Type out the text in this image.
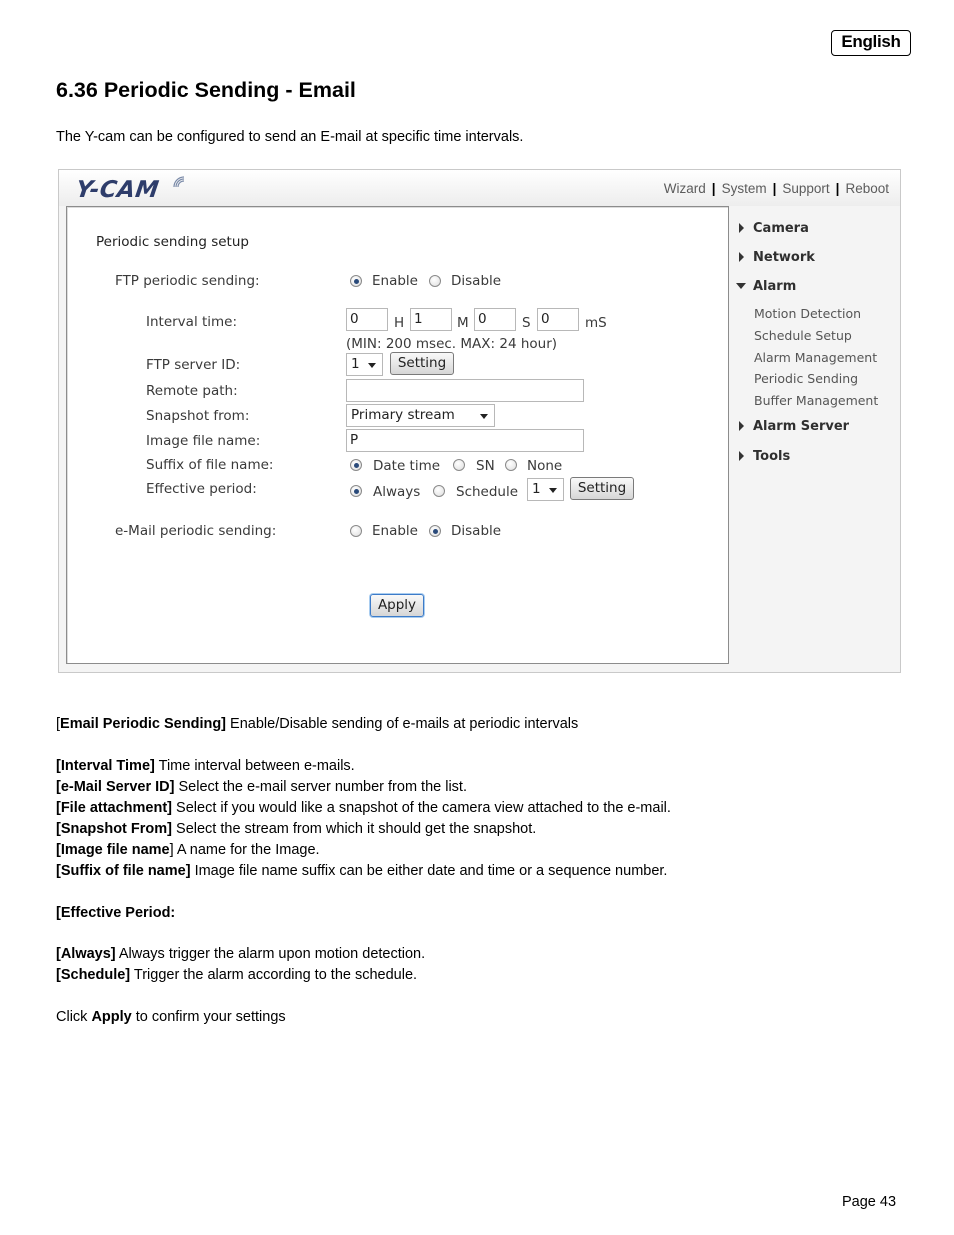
English
6.36 Periodic Sending - Email
The Y-cam can be configured to send an E-mail at specific time intervals.
Y-CAM	Wizard | System | Support | Reboot
Periodic sending setup
FTP periodic sending:	Enable Disable
Interval time:	0	H 1	M 0	S 0	mS
(MIN: 200 msec. MAX: 24 hour)
FTP server ID:	1	Setting
Remote path:
Snapshot from:	Primary stream
Image file name:	P
Suffix of file name:	Date time	SN None
Effective period:	Always	Schedule	1	Setting
e-Mail periodic sending:	Enable Disable
Apply
Camera
Network
Alarm
Motion Detection
Schedule Setup
Alarm Management
Periodic Sending
Buffer Management
Alarm Server
Tools
[Email Periodic Sending] Enable/Disable sending of e-mails at periodic intervals
[Interval Time] Time interval between e-mails.
[e-Mail Server ID] Select the e-mail server number from the list.
[File attachment] Select if you would like a snapshot of the camera view attached to the e-mail.
[Snapshot From] Select the stream from which it should get the snapshot.
[Image file name] A name for the Image.
[Suffix of file name] Image file name suffix can be either date and time or a sequence number.
[Effective Period:
[Always] Always trigger the alarm upon motion detection.
[Schedule] Trigger the alarm according to the schedule.
Click Apply to confirm your settings
Page 43
